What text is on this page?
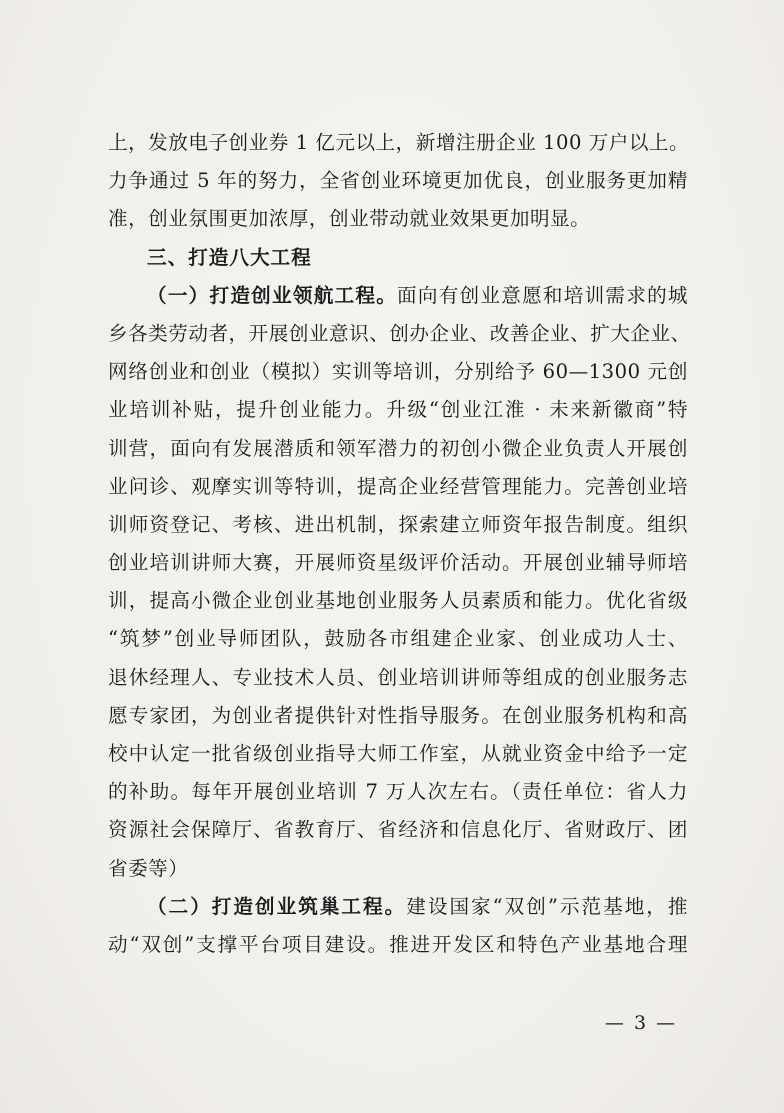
上，发放电子创业券 1 亿元以上，新增注册企业 100 万户以上。
力争通过 5 年的努力，全省创业环境更加优良，创业服务更加精
准，创业氛围更加浓厚，创业带动就业效果更加明显。
三、打造八大工程
（一）打造创业领航工程。面向有创业意愿和培训需求的城
乡各类劳动者，开展创业意识、创办企业、改善企业、扩大企业、
网络创业和创业（模拟）实训等培训，分别给予 60—1300 元创
业培训补贴，提升创业能力。升级“创业江淮 · 未来新徽商”特
训营，面向有发展潜质和领军潜力的初创小微企业负责人开展创
业问诊、观摩实训等特训，提高企业经营管理能力。完善创业培
训师资登记、考核、进出机制，探索建立师资年报告制度。组织
创业培训讲师大赛，开展师资星级评价活动。开展创业辅导师培
训，提高小微企业创业基地创业服务人员素质和能力。优化省级
“筑梦”创业导师团队，鼓励各市组建企业家、创业成功人士、
退休经理人、专业技术人员、创业培训讲师等组成的创业服务志
愿专家团，为创业者提供针对性指导服务。在创业服务机构和高
校中认定一批省级创业指导大师工作室，从就业资金中给予一定
的补助。每年开展创业培训 7 万人次左右。（责任单位：省人力
资源社会保障厅、省教育厅、省经济和信息化厅、省财政厅、团
省委等）
（二）打造创业筑巢工程。建设国家“双创”示范基地，推
动“双创”支撑平台项目建设。推进开发区和特色产业基地合理
— 3 —
